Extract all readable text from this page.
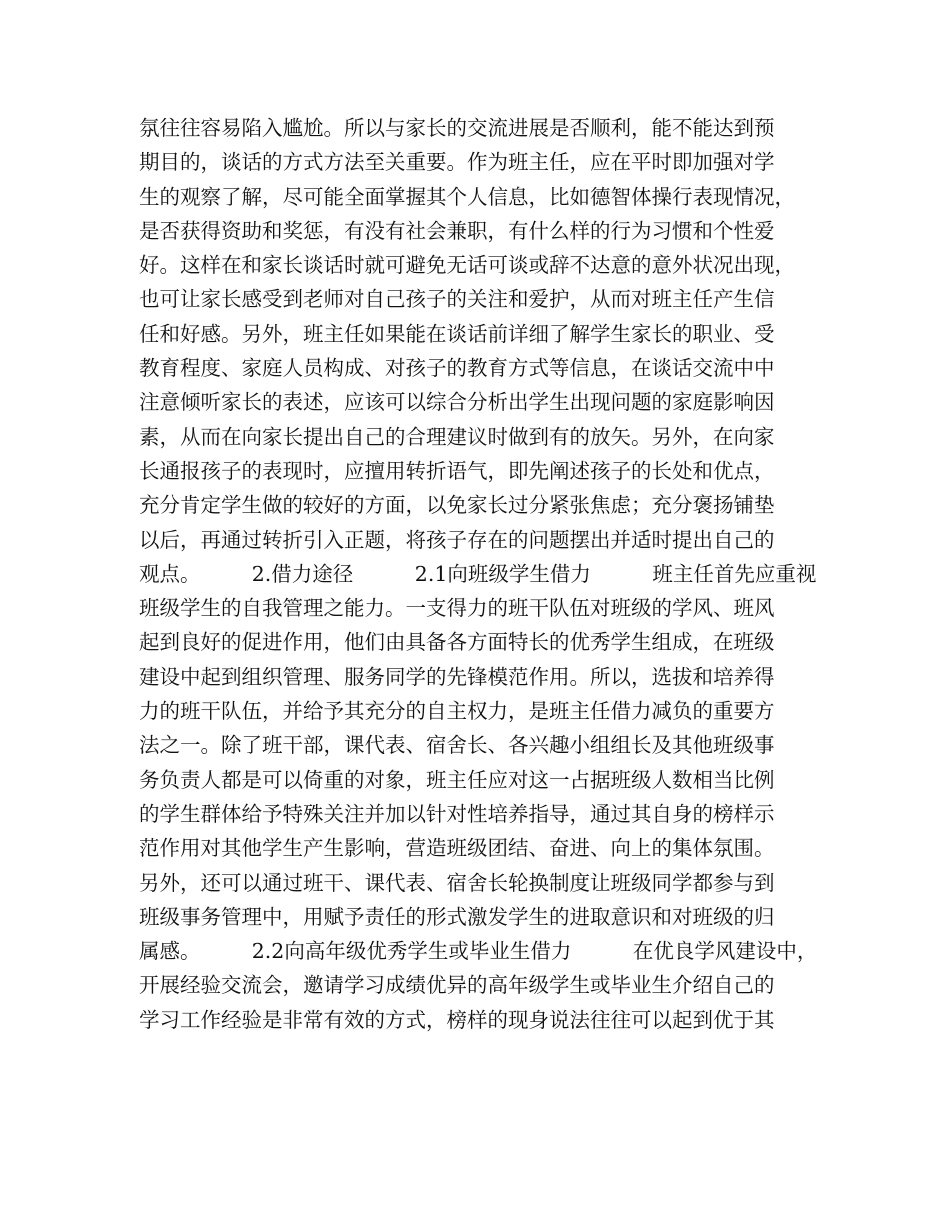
氛往往容易陷入尴尬。所以与家长的交流进展是否顺利，能不能达到预
期目的，谈话的方式方法至关重要。作为班主任，应在平时即加强对学
生的观察了解，尽可能全面掌握其个人信息，比如德智体操行表现情况，
是否获得资助和奖惩，有没有社会兼职，有什么样的行为习惯和个性爱
好。这样在和家长谈话时就可避免无话可谈或辞不达意的意外状况出现，
也可让家长感受到老师对自己孩子的关注和爱护，从而对班主任产生信
任和好感。另外，班主任如果能在谈话前详细了解学生家长的职业、受
教育程度、家庭人员构成、对孩子的教育方式等信息，在谈话交流中中
注意倾听家长的表述，应该可以综合分析出学生出现问题的家庭影响因
素，从而在向家长提出自己的合理建议时做到有的放矢。另外，在向家
长通报孩子的表现时，应擅用转折语气，即先阐述孩子的长处和优点，
充分肯定学生做的较好的方面，以免家长过分紧张焦虑；充分褒扬铺垫
以后，再通过转折引入正题，将孩子存在的问题摆出并适时提出自己的
观点。　　　2.借力途径　　　2.1向班级学生借力　　　班主任首先应重视
班级学生的自我管理之能力。一支得力的班干队伍对班级的学风、班风
起到良好的促进作用，他们由具备各方面特长的优秀学生组成，在班级
建设中起到组织管理、服务同学的先锋模范作用。所以，选拔和培养得
力的班干队伍，并给予其充分的自主权力，是班主任借力减负的重要方
法之一。除了班干部，课代表、宿舍长、各兴趣小组组长及其他班级事
务负责人都是可以倚重的对象，班主任应对这一占据班级人数相当比例
的学生群体给予特殊关注并加以针对性培养指导，通过其自身的榜样示
范作用对其他学生产生影响，营造班级团结、奋进、向上的集体氛围。
另外，还可以通过班干、课代表、宿舍长轮换制度让班级同学都参与到
班级事务管理中，用赋予责任的形式激发学生的进取意识和对班级的归
属感。　　　2.2向高年级优秀学生或毕业生借力　　　在优良学风建设中，
开展经验交流会，邀请学习成绩优异的高年级学生或毕业生介绍自己的
学习工作经验是非常有效的方式，榜样的现身说法往往可以起到优于其
